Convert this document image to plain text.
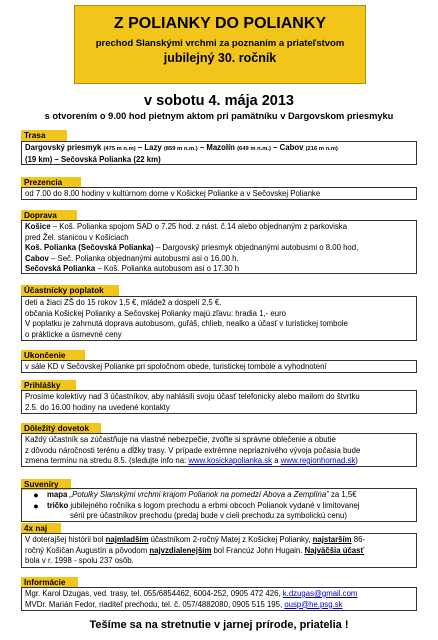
Z POLIANKY DO POLIANKY
prechod Slanskými vrchmi za poznaním a priateľstvom
jubilejný 30. ročník
v sobotu 4. mája 2013
s otvorením o 9.00 hod pietnym aktom pri pamätníku v Dargovskom priesmyku
Trasa
Dargovský priesmyk (475 m n.m) – Lazy (859 m n.m.) – Mazolín (649 m n.m.) – Cabov (216 m n.m)
(19 km) – Sečovská Polianka (22 km)
Prezencia
od 7.00 do 8.00 hodiny v kultúrnom dome v Košickej Polianke a v Sečovskej Polianke
Doprava
Košice – Koš. Polianka spojom SAD o 7.25 hod. z nást. č.14 alebo objednaným z parkoviska
pred Žel. stanicou v Košiciach
Koš. Polianka (Sečovská Polianka) – Dargovský priesmyk objednanými autobusmi o 8.00 hod,
Cabov – Seč. Polianka objednanými autobusmi asi o 16.00 h.
Sečovská Polianka – Koš. Polianka autobusom asi o 17.30 h
Účastnícky poplatok
deti a žiaci ZŠ do 15 rokov 1,5 €, mládež a dospelí 2,5 €.
občania Košickej Polianky a Sečovskej Polianky majú zľavu: hradia 1,- euro
V poplatku je zahrnutá doprava autobusom, guľáš, chlieb, nealko a účasť v turistickej tombole
o prákticke a úsmevné ceny
Ukončenie
v sále KD v Sečovskej Polianke pri spoločnom obede, turistickej tombole a vyhodnotení
Prihlášky
Prosíme kolektívy nad 3 účastníkov, aby nahlásili svoju účasť telefonicky alebo mailom do štvrtku
2.5. do 16.00 hodiny na uvedené kontakty
Dôležitý dovetok
Každý účastník sa zúčastňuje na vlastné nebezpečie, zvoľte si správne oblečenie a obutie
z dôvodu náročnosti terénu a dĺžky trasy. V prípade extrémne nepriaznivého vývoja počasia bude
zmena termínu na stredu 8.5. (sledujte info na: www.kosickapolianka.sk a www.regionhornad.sk)
Suveníry
●	mapa „Potulky Slanskými vrchmi krajom Polianok na pomedzí Abova a Zemplína” za 1,5€
●	tričko jubilejného ročníka s logom prechodu a erbmi obcoch Polianok vydané v limitovanej
sérii pre účastníkov prechodu (predaj bude v cieli prechodu za symbolickú cenu)
4x naj
V doterajšej histórii bol najmladším účastníkom 2-ročný Matej z Košickej Polianky, najstarším 86-
ročný Košičan Augustín a pôvodom najvzdialenejším bol Francúz John Hugain. Najväčšia účasť
bola v r. 1998 - spolu 237 osôb.
Informácie
Mgr. Karol Dzugas, ved. trasy, tel. 055/6854462, 6004-252, 0905 472 426, k.dzugas@gmail.com
MVDr. Marián Fedor, riaditeľ prechodu, tel. č. 057/4882080, 0905 515 195, ousp@he.psg.sk
Tešíme sa na stretnutie v jarnej prírode, priatelia !
